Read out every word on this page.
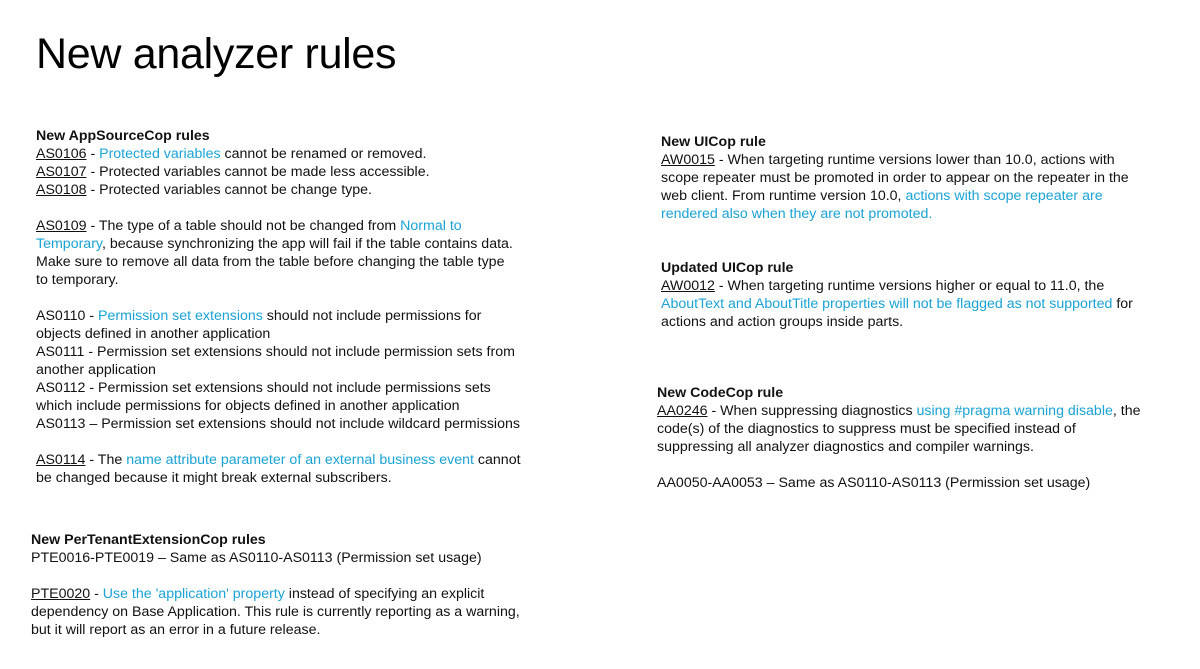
New analyzer rules

New AppSourceCop rules

AS0106 - Protected variables cannot be renamed or removed.

AS0107 - Protected variables cannot be made less accessible.

AS0108 - Protected variables cannot be change type.

AS0109 - The type of a table should not be changed from Normal to

Temporary, because synchronizing the app will fail if the table contains data.

Make sure to remove all data from the table before changing the table type

to temporary.

AS0110 - Permission set extensions should not include permissions for

objects defined in another application

AS0111 - Permission set extensions should not include permission sets from

another application

AS0112 - Permission set extensions should not include permissions sets

which include permissions for objects defined in another application

AS0113 – Permission set extensions should not include wildcard permissions

AS0114 - The name attribute parameter of an external business event cannot

be changed because it might break external subscribers.

New PerTenantExtensionCop rules

PTE0016-PTE0019 – Same as AS0110-AS0113 (Permission set usage)

PTE0020 - Use the 'application' property instead of specifying an explicit

dependency on Base Application. This rule is currently reporting as a warning,

but it will report as an error in a future release.

New UICop rule

AW0015 - When targeting runtime versions lower than 10.0, actions with

scope repeater must be promoted in order to appear on the repeater in the

web client. From runtime version 10.0, actions with scope repeater are

rendered also when they are not promoted.

Updated UICop rule

AW0012 - When targeting runtime versions higher or equal to 11.0, the

AboutText and AboutTitle properties will not be flagged as not supported for

actions and action groups inside parts.

New CodeCop rule

AA0246 - When suppressing diagnostics using #pragma warning disable, the

code(s) of the diagnostics to suppress must be specified instead of

suppressing all analyzer diagnostics and compiler warnings.

AA0050-AA0053 – Same as AS0110-AS0113 (Permission set usage)
